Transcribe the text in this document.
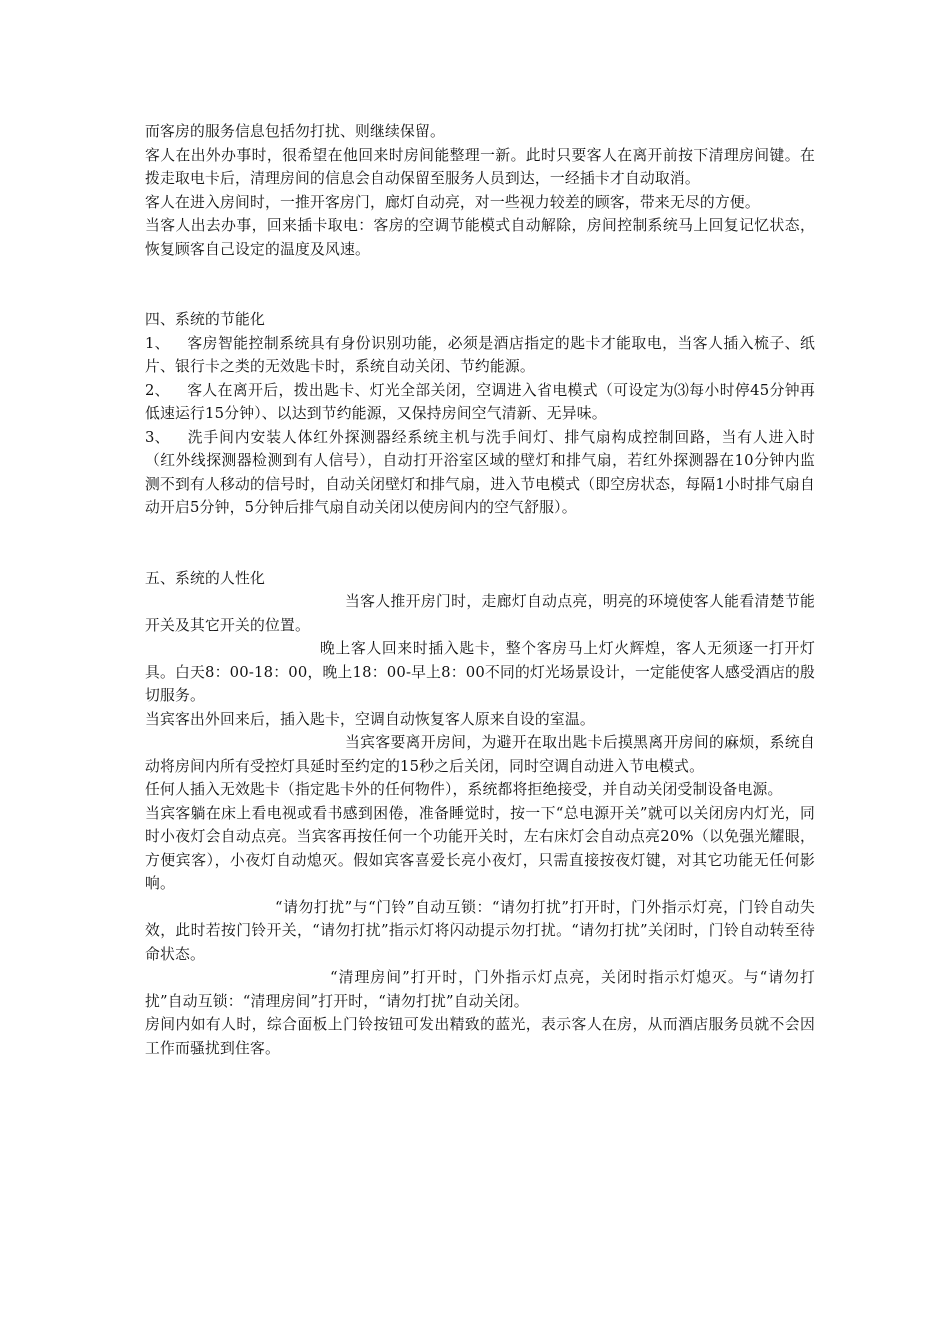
而客房的服务信息包括勿打扰、则继续保留。

客人在出外办事时，很希望在他回来时房间能整理一新。此时只要客人在离开前按下清理房间键。在拨走取电卡后，清理房间的信息会自动保留至服务人员到达，一经插卡才自动取消。

客人在进入房间时，一推开客房门，廊灯自动亮，对一些视力较差的顾客，带来无尽的方便。

当客人出去办事，回来插卡取电：客房的空调节能模式自动解除，房间控制系统马上回复记忆状态，恢复顾客自己设定的温度及风速。

四、系统的节能化

1、 客房智能控制系统具有身份识别功能，必须是酒店指定的匙卡才能取电，当客人插入梳子、纸片、银行卡之类的无效匙卡时，系统自动关闭、节约能源。

2、 客人在离开后，拨出匙卡、灯光全部关闭，空调进入省电模式（可设定为⑶每小时停45分钟再低速运行15分钟）、以达到节约能源，又保持房间空气清新、无异味。

3、 洗手间内安装人体红外探测器经系统主机与洗手间灯、排气扇构成控制回路，当有人进入时（红外线探测器检测到有人信号），自动打开浴室区域的壁灯和排气扇，若红外探测器在10分钟内监测不到有人移动的信号时，自动关闭壁灯和排气扇，进入节电模式（即空房状态，每隔1小时排气扇自动开启5分钟，5分钟后排气扇自动关闭以使房间内的空气舒服）。

五、系统的人性化

当客人推开房门时，走廊灯自动点亮，明亮的环境使客人能看清楚节能开关及其它开关的位置。

晚上客人回来时插入匙卡，整个客房马上灯火辉煌，客人无须逐一打开灯具。白天8：00-18：00，晚上18：00-早上8：00不同的灯光场景设计，一定能使客人感受酒店的殷切服务。

当宾客出外回来后，插入匙卡，空调自动恢复客人原来自设的室温。

当宾客要离开房间，为避开在取出匙卡后摸黑离开房间的麻烦，系统自动将房间内所有受控灯具延时至约定的15秒之后关闭，同时空调自动进入节电模式。

任何人插入无效匙卡（指定匙卡外的任何物件），系统都将拒绝接受，并自动关闭受制设备电源。

当宾客躺在床上看电视或看书感到困倦，准备睡觉时，按一下“总电源开关”就可以关闭房内灯光，同时小夜灯会自动点亮。当宾客再按任何一个功能开关时，左右床灯会自动点亮20%（以免强光耀眼，方便宾客），小夜灯自动熄灭。假如宾客喜爱长亮小夜灯，只需直接按夜灯键，对其它功能无任何影响。

“请勿打扰”与“门铃”自动互锁：“请勿打扰”打开时，门外指示灯亮，门铃自动失效，此时若按门铃开关，“请勿打扰”指示灯将闪动提示勿打扰。“请勿打扰”关闭时，门铃自动转至待命状态。

“清理房间”打开时，门外指示灯点亮，关闭时指示灯熄灭。与“请勿打扰”自动互锁：“清理房间”打开时，“请勿打扰”自动关闭。

房间内如有人时，综合面板上门铃按钮可发出精致的蓝光，表示客人在房，从而酒店服务员就不会因工作而骚扰到住客。
